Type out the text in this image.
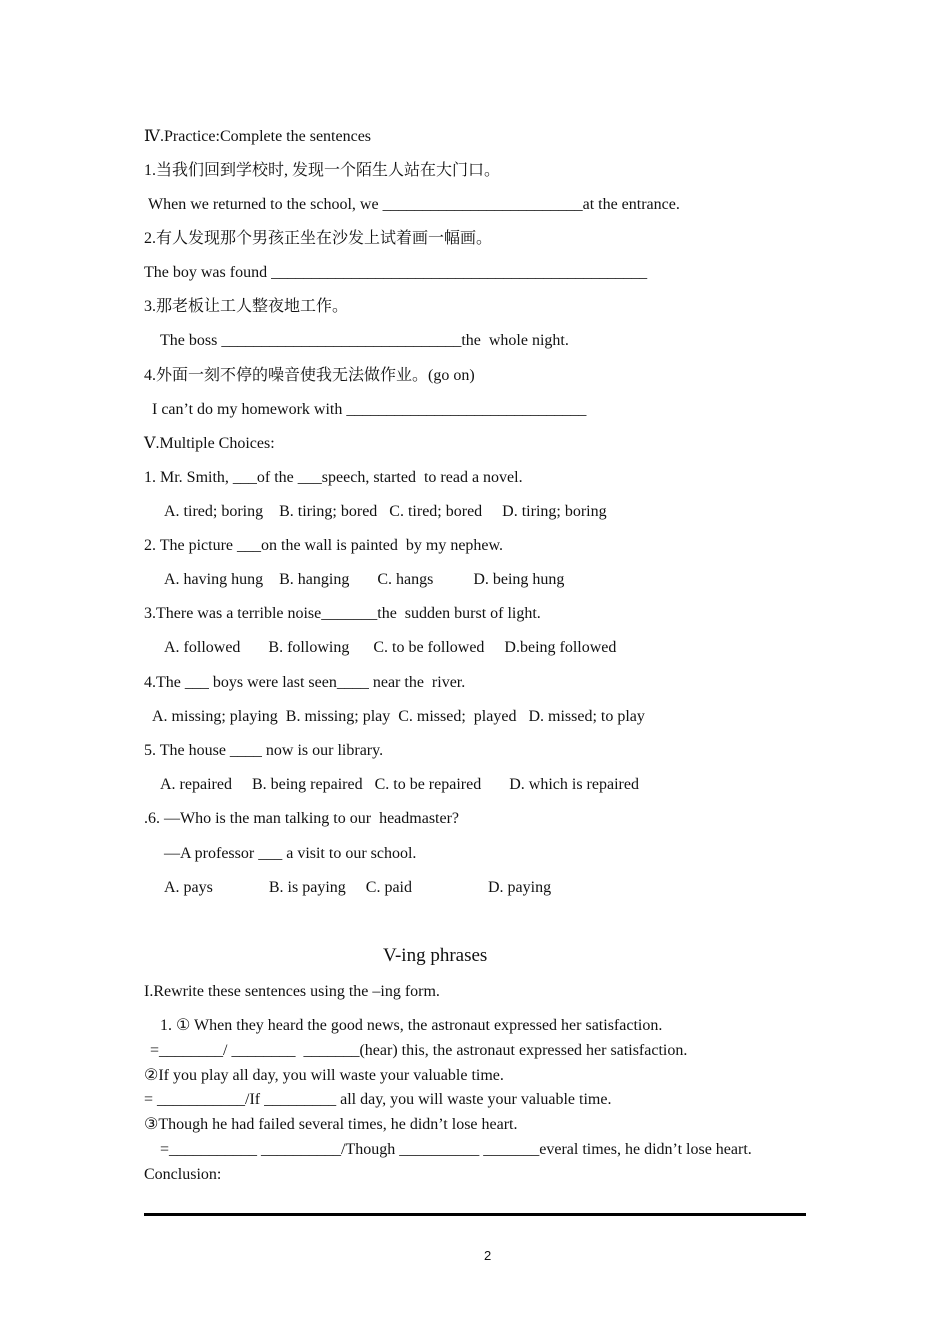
Ⅳ.Practice:Complete the sentences
1.当我们回到学校时, 发现一个陌生人站在大门口。
When we returned to the school, we _________________________at the entrance.
2.有人发现那个男孩正坐在沙发上试着画一幅画。
The boy was found _______________________________________________
3.那老板让工人整夜地工作。
The boss ______________________________the  whole night.
4.外面一刻不停的噪音使我无法做作业。(go on)
I can’t do my homework with ______________________________
Ⅴ.Multiple Choices:
1. Mr. Smith, ___of the ___speech, started  to read a novel.
A. tired; boring    B. tiring; bored   C. tired; bored     D. tiring; boring
2. The picture ___on the wall is painted  by my nephew.
A. having hung    B. hanging       C. hangs          D. being hung
3.There was a terrible noise_______the  sudden burst of light.
A. followed       B. following      C. to be followed     D.being followed
4.The ___ boys were last seen____ near the  river.
A. missing; playing  B. missing; play  C. missed;  played   D. missed; to play
5. The house ____ now is our library.
A. repaired     B. being repaired   C. to be repaired       D. which is repaired
.6. —Who is the man talking to our  headmaster?
—A professor ___ a visit to our school.
A. pays              B. is paying     C. paid                   D. paying
V-ing phrases
I.Rewrite these sentences using the –ing form.
1. ① When they heard the good news, the astronaut expressed her satisfaction.
=________/ ________  _______(hear) this, the astronaut expressed her satisfaction.
②If you play all day, you will waste your valuable time.
= ___________/If _________ all day, you will waste your valuable time.
③Though he had failed several times, he didn’t lose heart.
=___________ __________/Though __________ _______everal times, he didn’t lose heart.
Conclusion:
2
